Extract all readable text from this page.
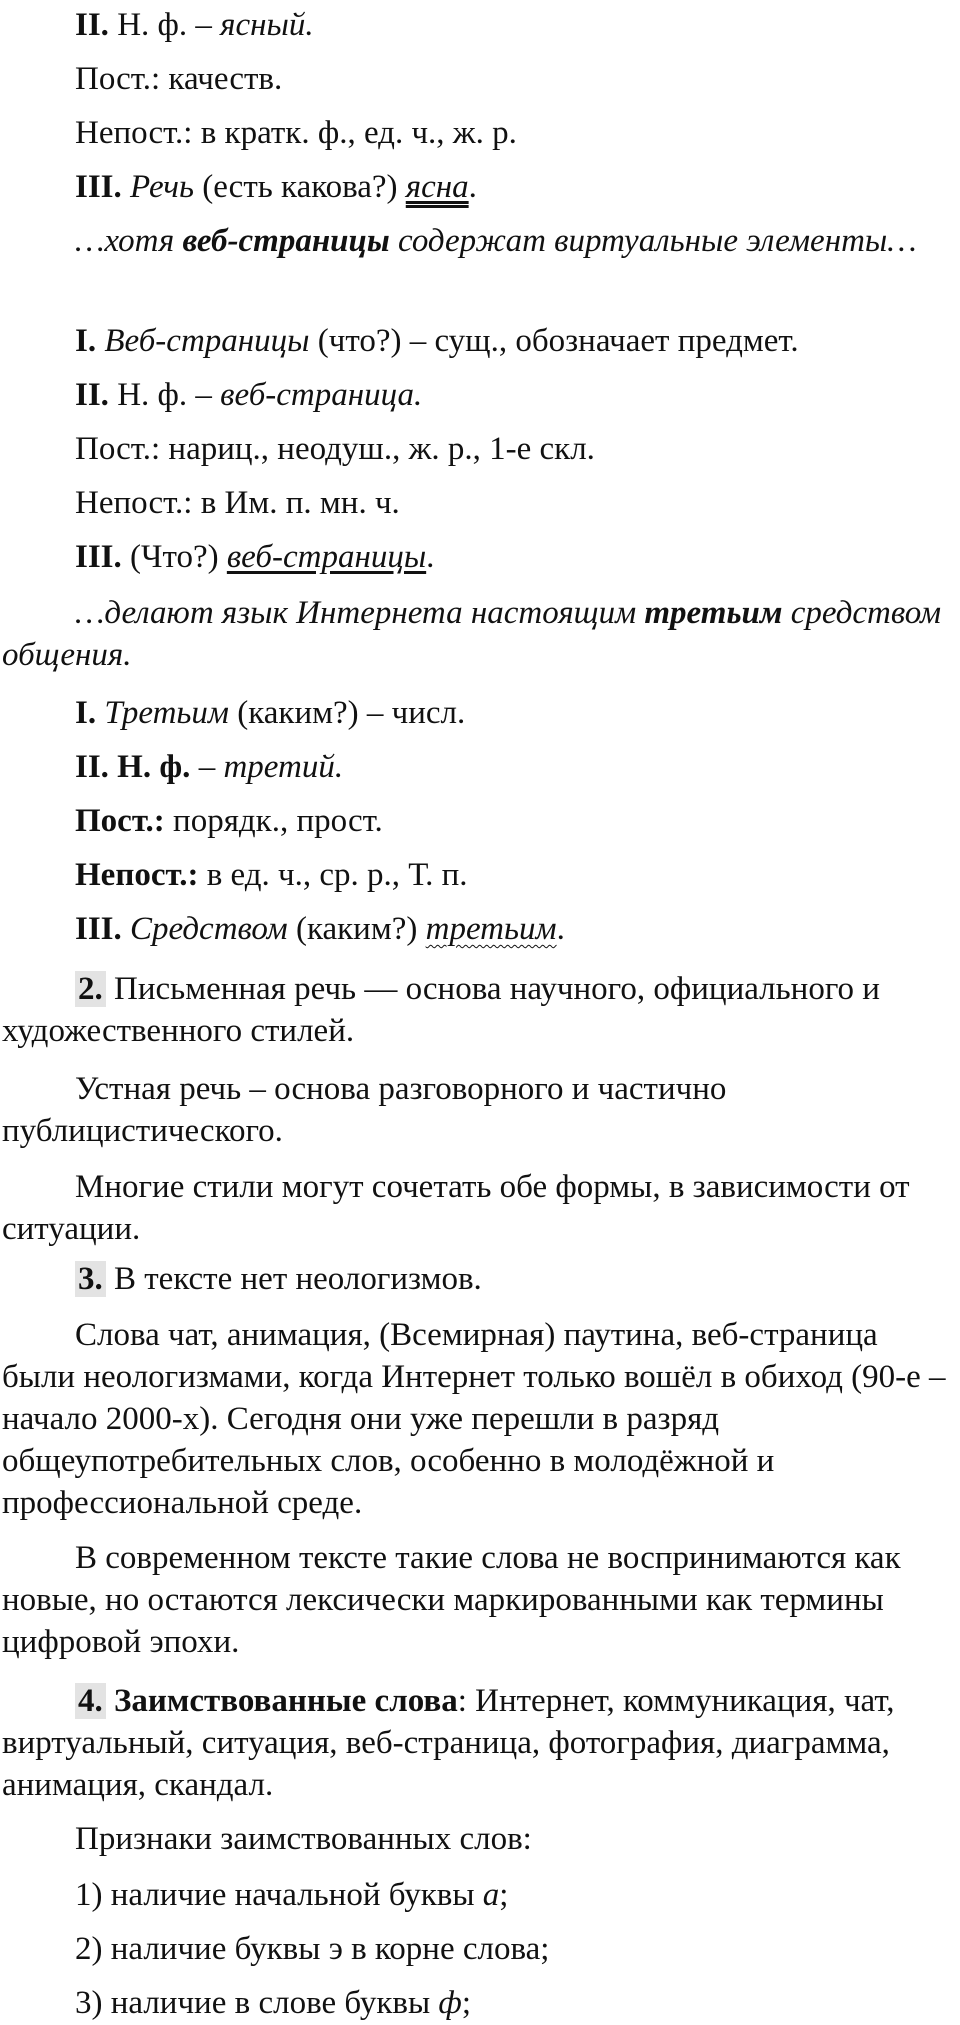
II. Н. ф. – ясный.
Пост.: качеств.
Непост.: в кратк. ф., ед. ч., ж. р.
III. Речь (есть какова?) ясна.
…хотя веб-страницы содержат виртуальные элементы…
I. Веб-страницы (что?) – сущ., обозначает предмет.
II. Н. ф. – веб-страница.
Пост.: нариц., неодуш., ж. р., 1-е скл.
Непост.: в Им. п. мн. ч.
III. (Что?) веб-страницы.
…делают язык Интернета настоящим третьим средством общения.
I. Третьим (каким?) – числ.
II. Н. ф. – третий.
Пост.: порядк., прост.
Непост.: в ед. ч., ср. р., Т. п.
III. Средством (каким?) третьим.
2. Письменная речь — основа научного, официального и художественного стилей.
Устная речь – основа разговорного и частично публицистического.
Многие стили могут сочетать обе формы, в зависимости от ситуации.
3. В тексте нет неологизмов.
Слова чат, анимация, (Всемирная) паутина, веб-страница были неологизмами, когда Интернет только вошёл в обиход (90-е – начало 2000-х). Сегодня они уже перешли в разряд общеупотребительных слов, особенно в молодёжной и профессиональной среде.
В современном тексте такие слова не воспринимаются как новые, но остаются лексически маркированными как термины цифровой эпохи.
4. Заимствованные слова: Интернет, коммуникация, чат, виртуальный, ситуация, веб-страница, фотография, диаграмма, анимация, скандал.
Признаки заимствованных слов:
1) наличие начальной буквы а;
2) наличие буквы э в корне слова;
3) наличие в слове буквы ф;
